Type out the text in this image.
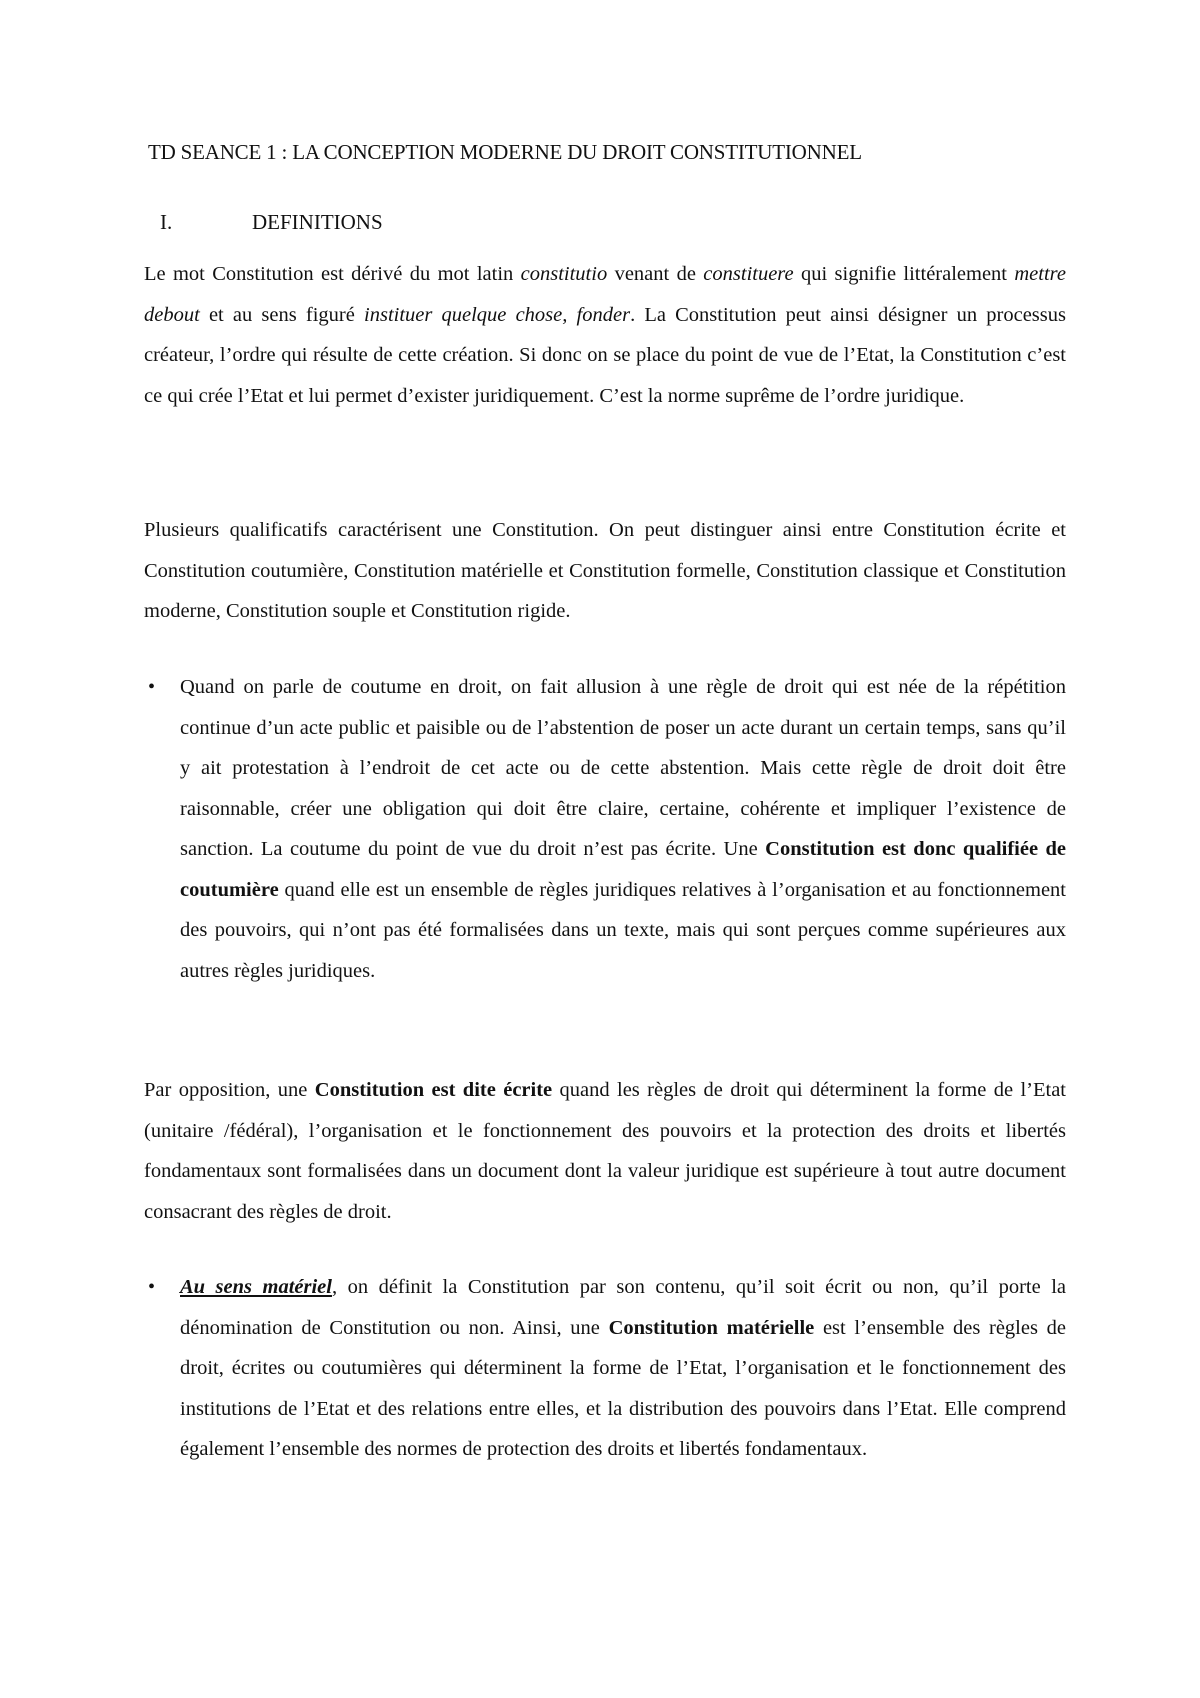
TD SEANCE 1 : LA CONCEPTION MODERNE DU DROIT CONSTITUTIONNEL
I.	DEFINITIONS

Le mot Constitution est dérivé du mot latin constitutio venant de constituere qui signifie littéralement mettre debout et au sens figuré instituer quelque chose, fonder. La Constitution peut ainsi désigner un processus créateur, l’ordre qui résulte de cette création. Si donc on se place du point de vue de l’Etat, la Constitution c’est ce qui crée l’Etat et lui permet d’exister juridiquement. C’est la norme suprême de l’ordre juridique.

Plusieurs qualificatifs caractérisent une Constitution. On peut distinguer ainsi entre Constitution écrite et Constitution coutumière, Constitution matérielle et Constitution formelle, Constitution classique et Constitution moderne, Constitution souple et Constitution rigide.

• Quand on parle de coutume en droit, on fait allusion à une règle de droit qui est née de la répétition continue d’un acte public et paisible ou de l’abstention de poser un acte durant un certain temps, sans qu’il y ait protestation à l’endroit de cet acte ou de cette abstention. Mais cette règle de droit doit être raisonnable, créer une obligation qui doit être claire, certaine, cohérente et impliquer l’existence de sanction. La coutume du point de vue du droit n’est pas écrite. Une Constitution est donc qualifiée de coutumière quand elle est un ensemble de règles juridiques relatives à l’organisation et au fonctionnement des pouvoirs, qui n’ont pas été formalisées dans un texte, mais qui sont perçues comme supérieures aux autres règles juridiques.

Par opposition, une Constitution est dite écrite quand les règles de droit qui déterminent la forme de l’Etat (unitaire /fédéral), l’organisation et le fonctionnement des pouvoirs et la protection des droits et libertés fondamentaux sont formalisées dans un document dont la valeur juridique est supérieure à tout autre document consacrant des règles de droit.

• Au sens matériel, on définit la Constitution par son contenu, qu’il soit écrit ou non, qu’il porte la dénomination de Constitution ou non. Ainsi, une Constitution matérielle est l’ensemble des règles de droit, écrites ou coutumières qui déterminent la forme de l’Etat, l’organisation et le fonctionnement des institutions de l’Etat et des relations entre elles, et la distribution des pouvoirs dans l’Etat. Elle comprend également l’ensemble des normes de protection des droits et libertés fondamentaux.
